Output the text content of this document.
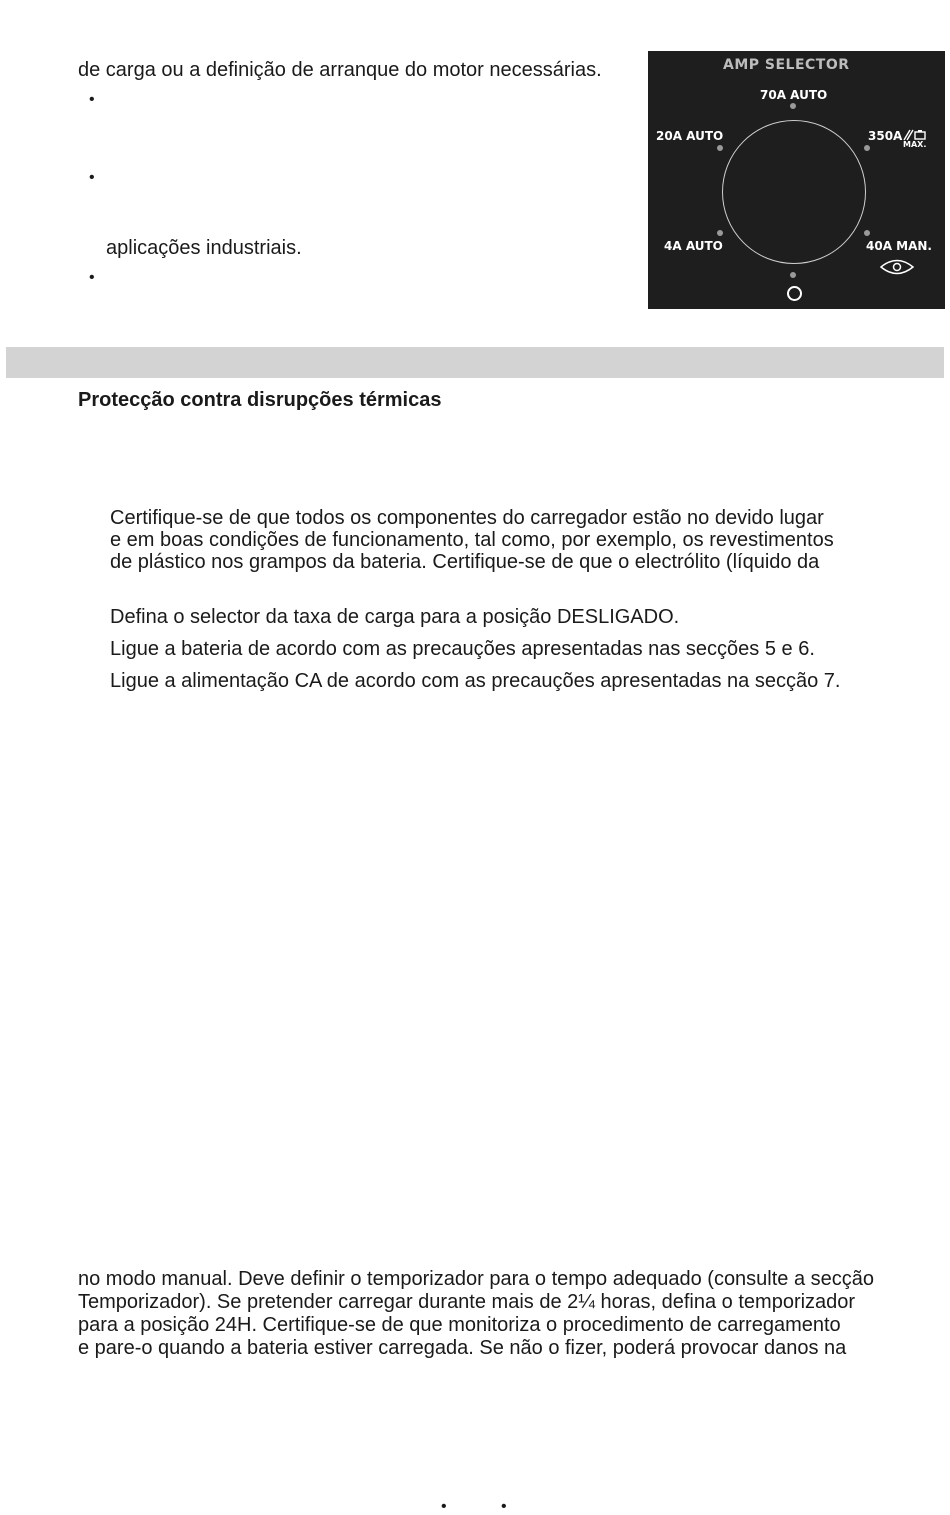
de carga ou a definição de arranque do motor necessárias.
•
•
aplicações industriais.
•
AMP SELECTOR
70A AUTO
20A AUTO	350A
MAX.
4A AUTO	40A MAN.
Protecção contra disrupções térmicas
Certifique-se de que todos os componentes do carregador estão no devido lugar
e em boas condições de funcionamento, tal como, por exemplo, os revestimentos
de plástico nos grampos da bateria. Certifique-se de que o electrólito (líquido da
Defina o selector da taxa de carga para a posição DESLIGADO.
Ligue a bateria de acordo com as precauções apresentadas nas secções 5 e 6.
Ligue a alimentação CA de acordo com as precauções apresentadas na secção 7.
no modo manual. Deve definir o temporizador para o tempo adequado (consulte a secção
Temporizador). Se pretender carregar durante mais de 2¼ horas, defina o temporizador
para a posição 24H. Certifique-se de que monitoriza o procedimento de carregamento
e pare-o quando a bateria estiver carregada. Se não o fizer, poderá provocar danos na
•	•
